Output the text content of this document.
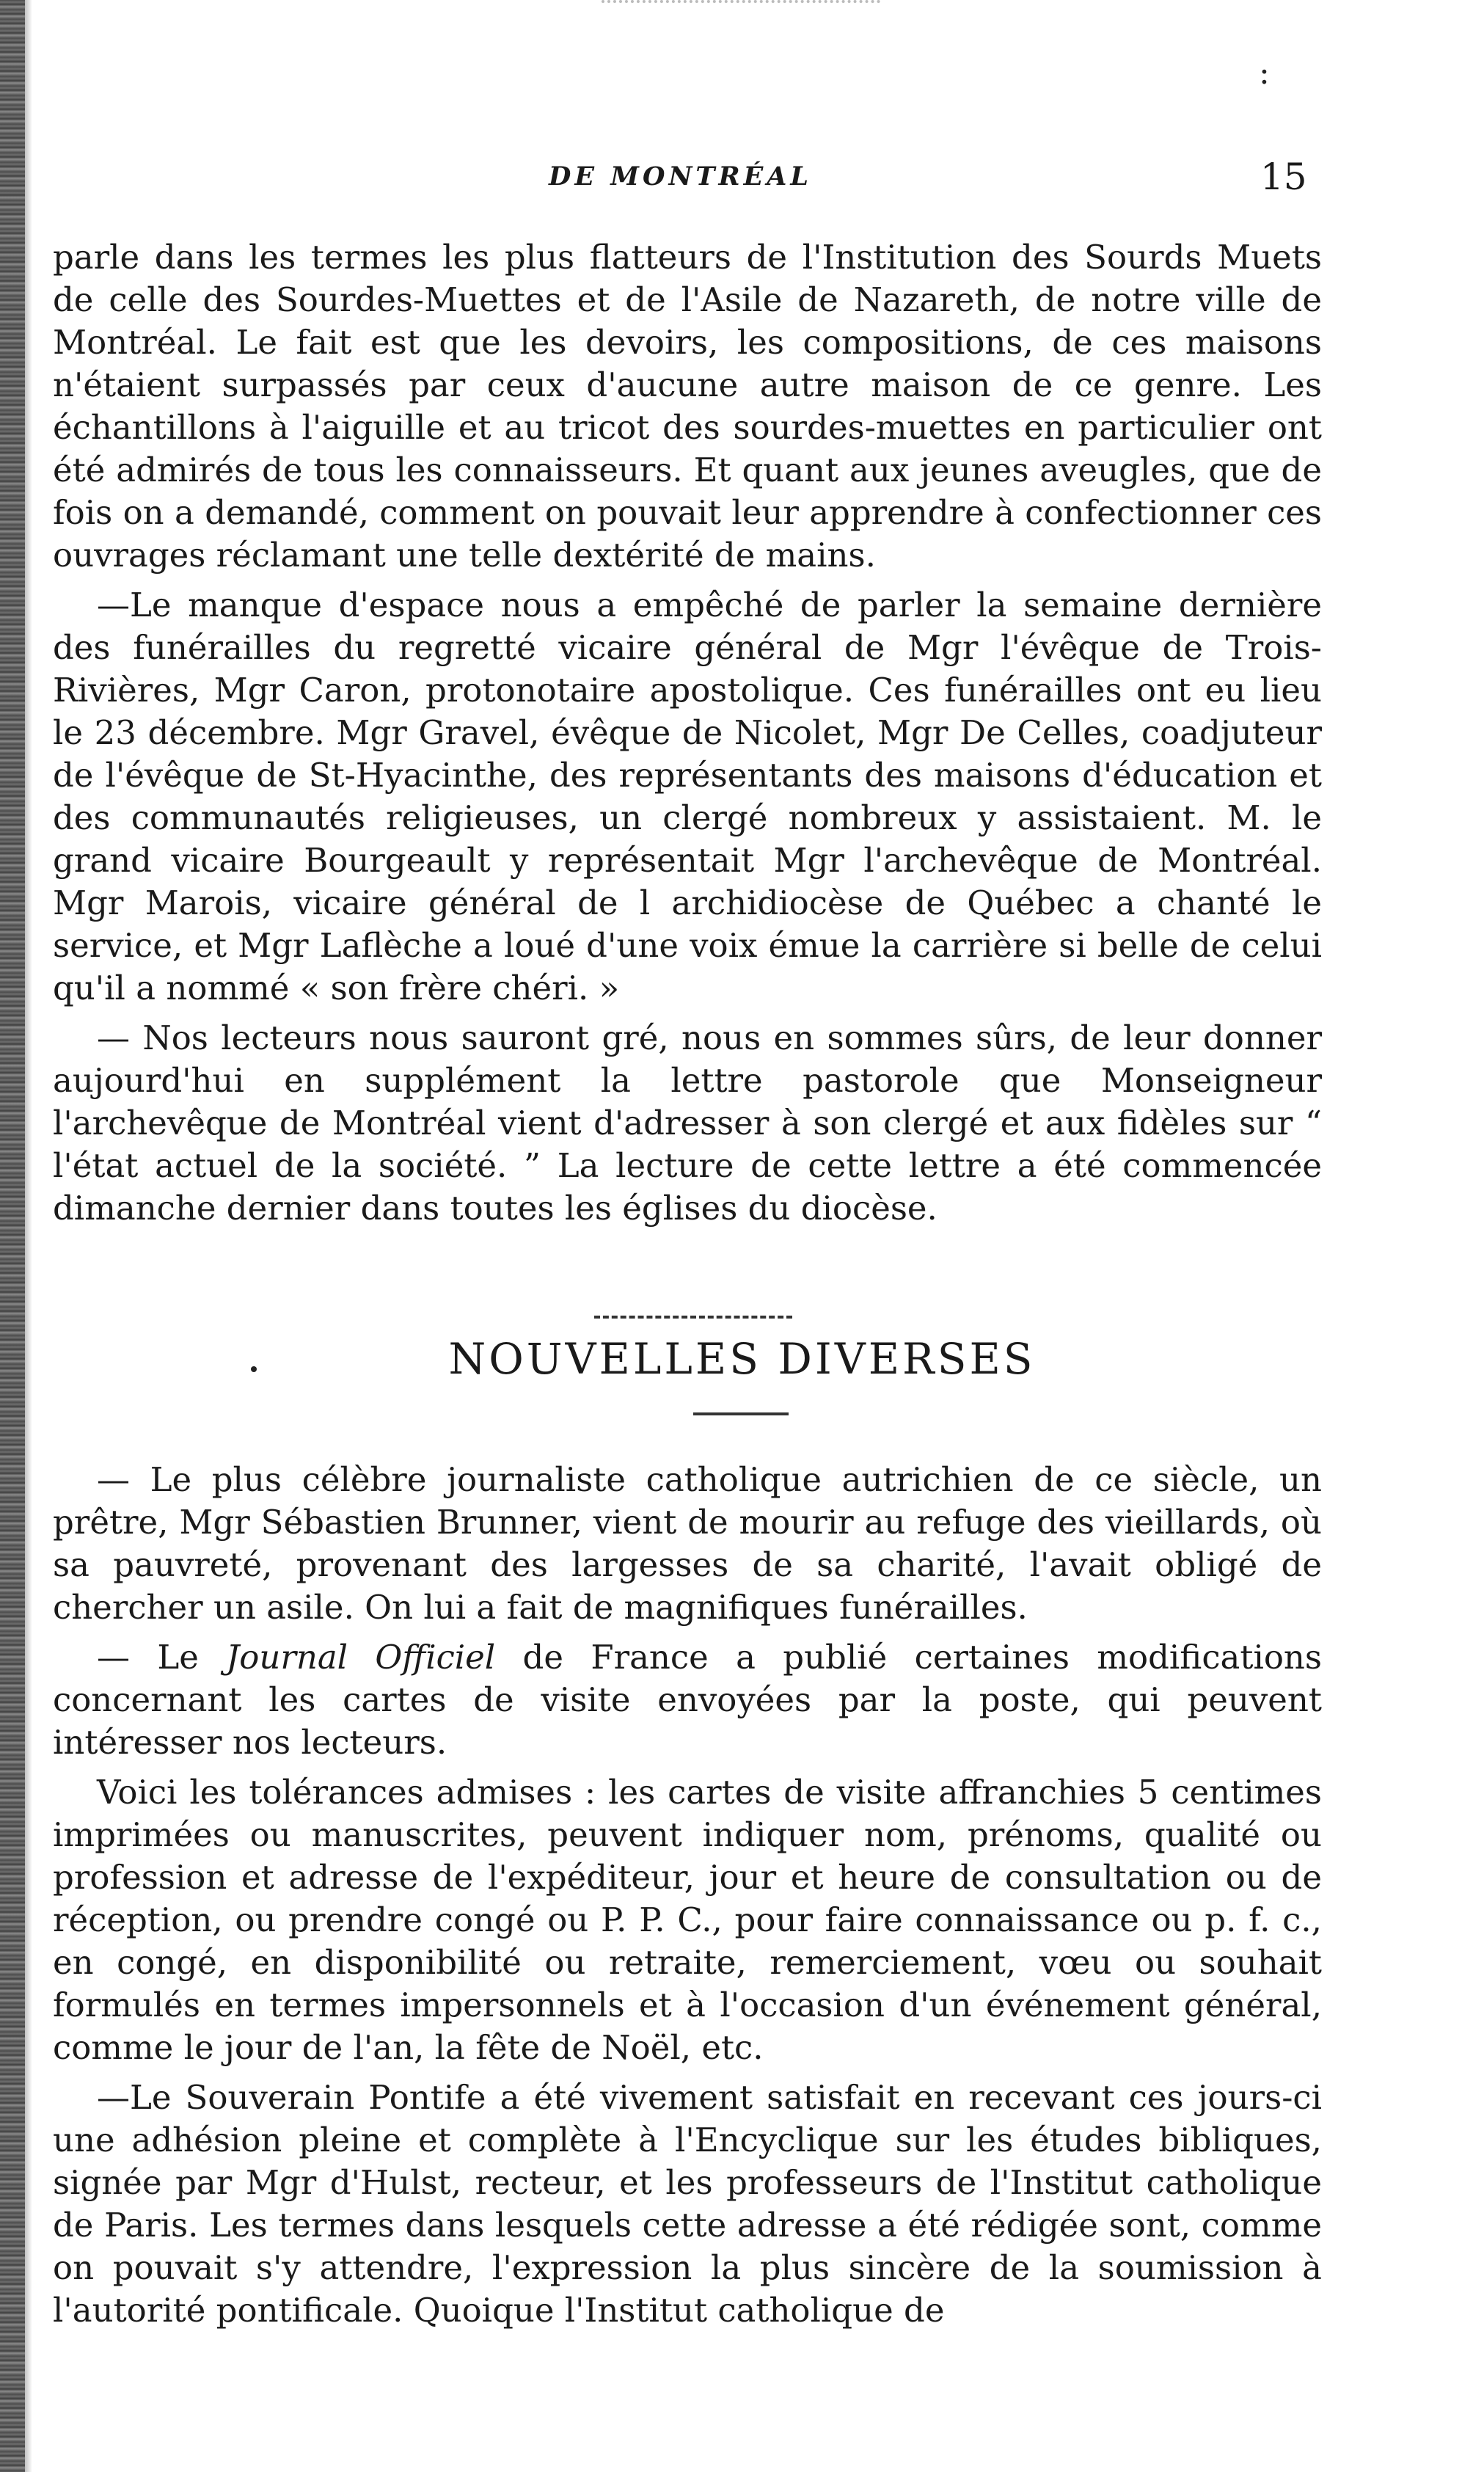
:
DE MONTRÉAL	15

parle dans les termes les plus flatteurs de l'Institution des Sourds Muets de celle des Sourdes-Muettes et de l'Asile de Nazareth, de notre ville de Montréal. Le fait est que les devoirs, les compositions, de ces maisons n'étaient surpassés par ceux d'aucune autre maison de ce genre. Les échantillons à l'aiguille et au tricot des sourdes-muettes en particulier ont été admirés de tous les connaisseurs. Et quant aux jeunes aveugles, que de fois on a demandé, comment on pouvait leur apprendre à confectionner ces ouvrages réclamant une telle dextérité de mains.

—Le manque d'espace nous a empêché de parler la semaine dernière des funérailles du regretté vicaire général de Mgr l'évêque de Trois-Rivières, Mgr Caron, protonotaire apostolique. Ces funérailles ont eu lieu le 23 décembre. Mgr Gravel, évêque de Nicolet, Mgr De Celles, coadjuteur de l'évêque de St-Hyacinthe, des représentants des maisons d'éducation et des communautés religieuses, un clergé nombreux y assistaient. M. le grand vicaire Bourgeault y représentait Mgr l'archevêque de Montréal. Mgr Marois, vicaire général de l archidiocèse de Québec a chanté le service, et Mgr Laflèche a loué d'une voix émue la carrière si belle de celui qu'il a nommé « son frère chéri. »

— Nos lecteurs nous sauront gré, nous en sommes sûrs, de leur donner aujourd'hui en supplément la lettre pastorole que Monseigneur l'archevêque de Montréal vient d'adresser à son clergé et aux fidèles sur “ l'état actuel de la société. ” La lecture de cette lettre a été commencée dimanche dernier dans toutes les églises du diocèse.

NOUVELLES DIVERSES

— Le plus célèbre journaliste catholique autrichien de ce siècle, un prêtre, Mgr Sébastien Brunner, vient de mourir au refuge des vieillards, où sa pauvreté, provenant des largesses de sa charité, l'avait obligé de chercher un asile. On lui a fait de magnifiques funérailles.

— Le Journal Officiel de France a publié certaines modifications concernant les cartes de visite envoyées par la poste, qui peuvent intéresser nos lecteurs.

Voici les tolérances admises : les cartes de visite affranchies 5 centimes imprimées ou manuscrites, peuvent indiquer nom, prénoms, qualité ou profession et adresse de l'expéditeur, jour et heure de consultation ou de réception, ou prendre congé ou P. P. C., pour faire connaissance ou p. f. c., en congé, en disponibilité ou retraite, remerciement, vœu ou souhait formulés en termes impersonnels et à l'occasion d'un événement général, comme le jour de l'an, la fête de Noël, etc.

—Le Souverain Pontife a été vivement satisfait en recevant ces jours-ci une adhésion pleine et complète à l'Encyclique sur les études bibliques, signée par Mgr d'Hulst, recteur, et les professeurs de l'Institut catholique de Paris. Les termes dans lesquels cette adresse a été rédigée sont, comme on pouvait s'y attendre, l'expression la plus sincère de la soumission à l'autorité pontificale. Quoique l'Institut catholique de
